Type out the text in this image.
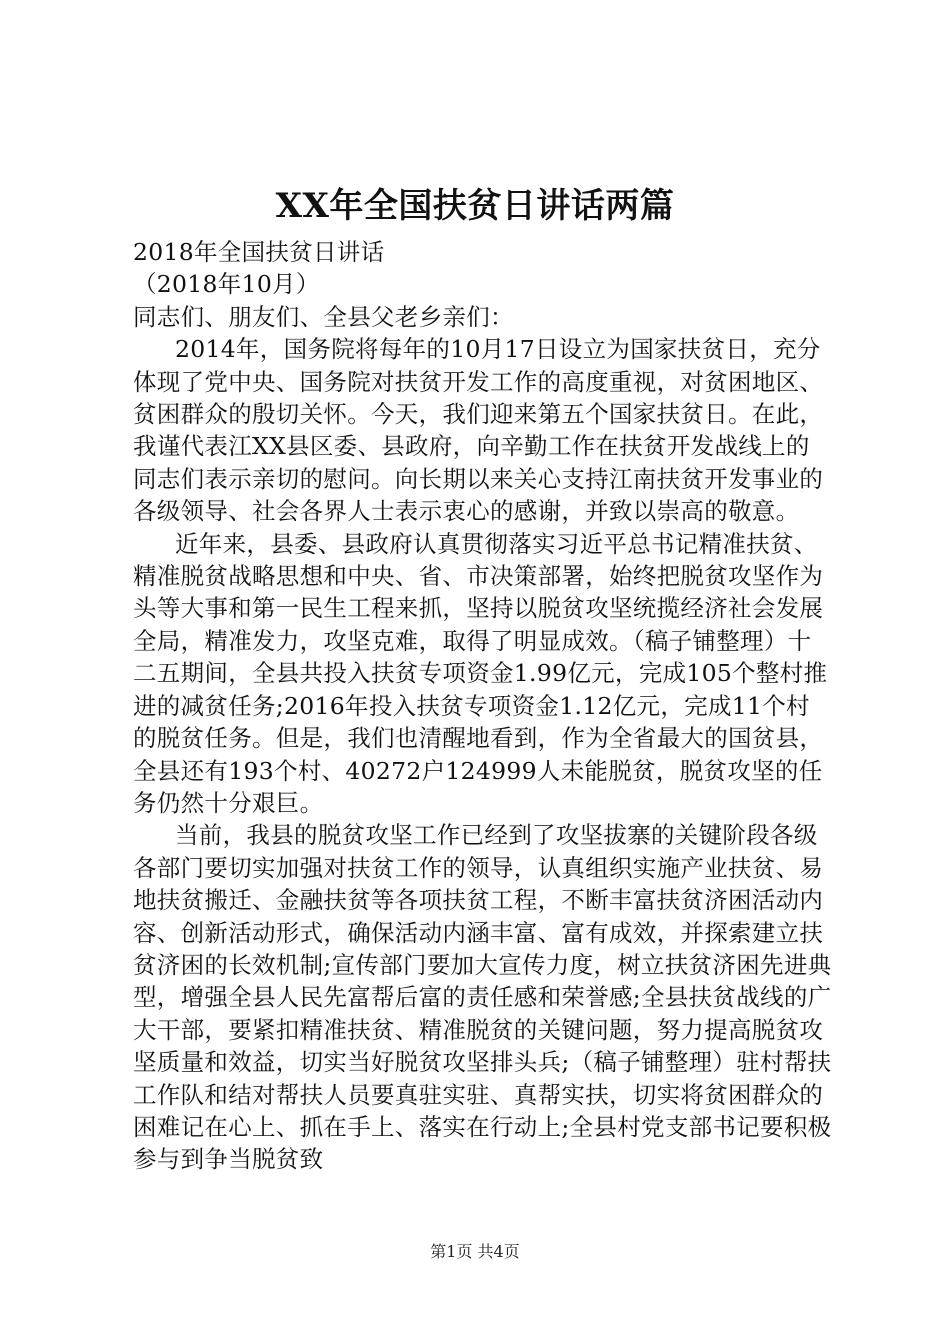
XX年全国扶贫日讲话两篇

2018年全国扶贫日讲话

（2018年10月）

同志们、朋友们、全县父老乡亲们：

2014年，国务院将每年的10月17日设立为国家扶贫日，充分体现了党中央、国务院对扶贫开发工作的高度重视，对贫困地区、贫困群众的殷切关怀。今天，我们迎来第五个国家扶贫日。在此，我谨代表江XX县区委、县政府，向辛勤工作在扶贫开发战线上的同志们表示亲切的慰问。向长期以来关心支持江南扶贫开发事业的各级领导、社会各界人士表示衷心的感谢，并致以崇高的敬意。

近年来，县委、县政府认真贯彻落实习近平总书记精准扶贫、精准脱贫战略思想和中央、省、市决策部署，始终把脱贫攻坚作为头等大事和第一民生工程来抓，坚持以脱贫攻坚统揽经济社会发展全局，精准发力，攻坚克难，取得了明显成效。（稿子铺整理）十二五期间，全县共投入扶贫专项资金1.99亿元，完成105个整村推进的减贫任务;2016年投入扶贫专项资金1.12亿元，完成11个村的脱贫任务。但是，我们也清醒地看到，作为全省最大的国贫县，全县还有193个村、40272户124999人未能脱贫，脱贫攻坚的任务仍然十分艰巨。

当前，我县的脱贫攻坚工作已经到了攻坚拔寨的关键阶段各级各部门要切实加强对扶贫工作的领导，认真组织实施产业扶贫、易地扶贫搬迁、金融扶贫等各项扶贫工程，不断丰富扶贫济困活动内容、创新活动形式，确保活动内涵丰富、富有成效，并探索建立扶贫济困的长效机制;宣传部门要加大宣传力度，树立扶贫济困先进典型，增强全县人民先富帮后富的责任感和荣誉感;全县扶贫战线的广大干部，要紧扣精准扶贫、精准脱贫的关键问题，努力提高脱贫攻坚质量和效益，切实当好脱贫攻坚排头兵;（稿子铺整理）驻村帮扶工作队和结对帮扶人员要真驻实驻、真帮实扶，切实将贫困群众的困难记在心上、抓在手上、落实在行动上;全县村党支部书记要积极参与到争当脱贫致

第1页 共4页
